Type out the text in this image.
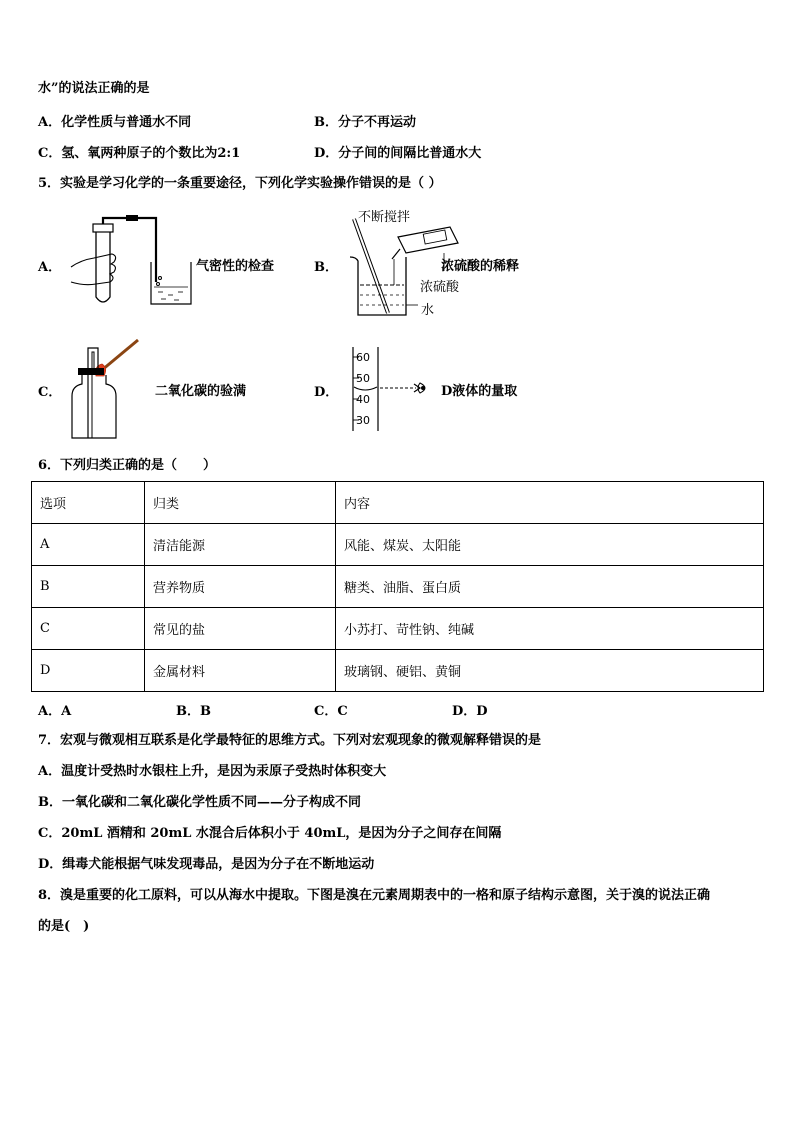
水”的说法正确的是
A．化学性质与普通水不同	B．分子不再运动
C．氢、氧两种原子的个数比为2:1	D．分子间的间隔比普通水大
5．实验是学习化学的一条重要途径，下列化学实验操作错误的是（ ）
A．	气密性的检查	B．
不断搅拌
浓硫酸的稀释
浓硫酸
水
C．	二氧化碳的验满	D．
60
50
40
30
D液体的量取
6．下列归类正确的是（　　）
选项	归类	内容
A	清洁能源	风能、煤炭、太阳能
B	营养物质	糖类、油脂、蛋白质
C	常见的盐	小苏打、苛性钠、纯碱
D	金属材料	玻璃钢、硬铝、黄铜
A．A	B．B	C．C	D．D
7．宏观与微观相互联系是化学最特征的思维方式。下列对宏观现象的微观解释错误的是
A．温度计受热时水银柱上升，是因为汞原子受热时体积变大
B．一氧化碳和二氧化碳化学性质不同——分子构成不同
C．20mL 酒精和 20mL 水混合后体积小于 40mL，是因为分子之间存在间隔
D．缉毒犬能根据气味发现毒品，是因为分子在不断地运动
8．溴是重要的化工原料，可以从海水中提取。下图是溴在元素周期表中的一格和原子结构示意图，关于溴的说法正确
的是(　)
